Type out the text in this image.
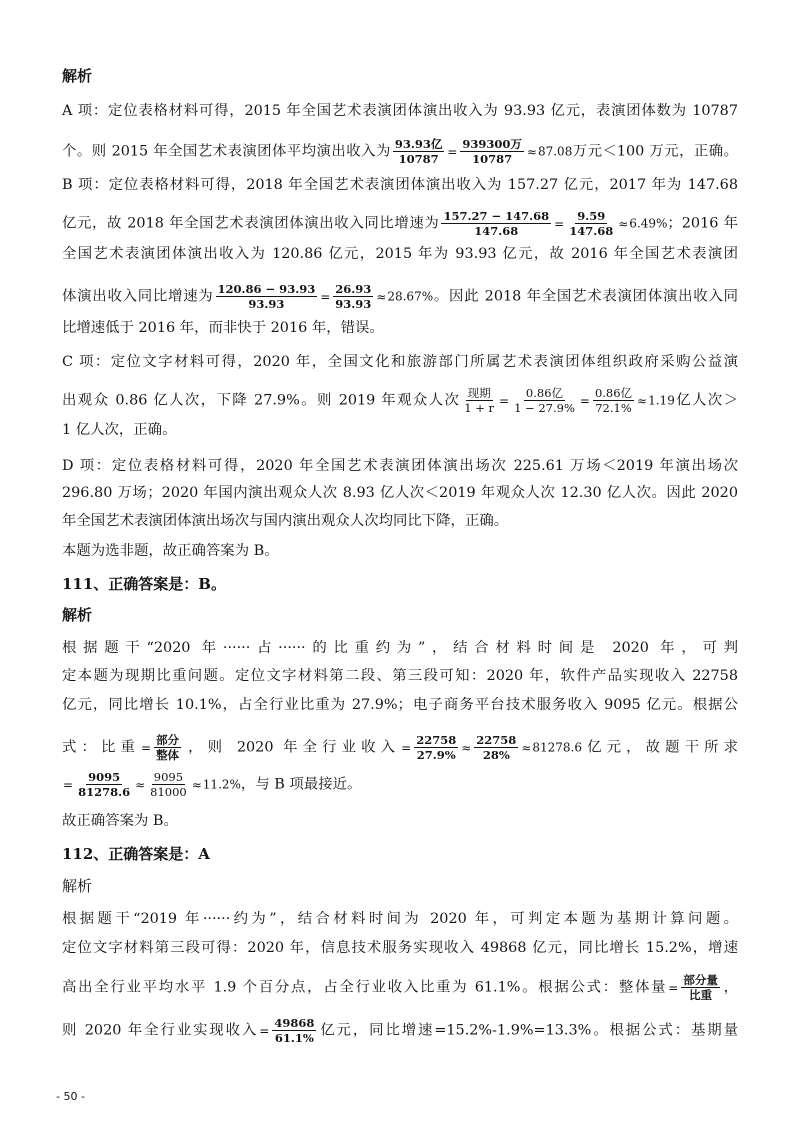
解析
A 项：定位表格材料可得，2015 年全国艺术表演团体演出收入为 93.93 亿元，表演团体数为 10787
个。则 2015 年全国艺术表演团体平均演出收入为 $\frac{\text{93.93亿}}{10787} = \frac{\text{939300万}}{10787} \approx 87.08$万元＜100 万元，正确。
B 项：定位表格材料可得，2018 年全国艺术表演团体演出收入为 157.27 亿元，2017 年为 147.68
亿元，故 2018 年全国艺术表演团体演出收入同比增速为 $\frac{157.27 - 147.68}{147.68} = \frac{9.59}{147.68} \approx 6.49\%$；2016 年
全国艺术表演团体演出收入为 120.86 亿元，2015 年为 93.93 亿元，故 2016 年全国艺术表演团
体演出收入同比增速为 $\frac{120.86 - 93.93}{93.93} = \frac{26.93}{93.93} \approx 28.67\%$。因此 2018 年全国艺术表演团体演出收入同
比增速低于 2016 年，而非快于 2016 年，错误。
C 项：定位文字材料可得，2020 年，全国文化和旅游部门所属艺术表演团体组织政府采购公益演
出观众 0.86 亿人次，下降 27.9%。则 2019 年观众人次 $\frac{\text{现期}}{1 + r} = \frac{\text{0.86亿}}{1 - 27.9\%} = \frac{\text{0.86亿}}{72.1\%} \approx 1.19$亿人次＞
1 亿人次，正确。
D 项：定位表格材料可得，2020 年全国艺术表演团体演出场次 225.61 万场＜2019 年演出场次
296.80 万场；2020 年国内演出观众人次 8.93 亿人次＜2019 年观众人次 12.30 亿人次。因此 2020
年全国艺术表演团体演出场次与国内演出观众人次均同比下降，正确。
本题为选非题，故正确答案为 B。
111、正确答案是：B。
解析
根据题干“2020 年······占······的比重约为”，结合材料时间是 2020 年，可判
定本题为现期比重问题。定位文字材料第二段、第三段可知：2020 年，软件产品实现收入 22758
亿元，同比增长 10.1%，占全行业比重为 27.9%；电子商务平台技术服务收入 9095 亿元。根据公
式：比重= $\frac{\text{部分}}{\text{整体}}$ ，则 2020 年全行业收入= $\frac{22758}{27.9\%} \approx \frac{22758}{28\%} \approx 81278.6$亿元，故题干所求
= $\frac{9095}{81278.6} \approx \frac{9095}{81000} \approx 11.2\%$，与 B 项最接近。
故正确答案为 B。
112、正确答案是：A
解析
根据题干“2019 年······约为”，结合材料时间为 2020 年，可判定本题为基期计算问题。
定位文字材料第三段可得：2020 年，信息技术服务实现收入 49868 亿元，同比增长 15.2%，增速
高出全行业平均水平 1.9 个百分点，占全行业收入比重为 61.1%。根据公式：整体量= $\frac{\text{部分量}}{\text{比重}}$ ，
则 2020 年全行业实现收入= $\frac{49868}{61.1\%}$ 亿元，同比增速=15.2%-1.9%=13.3%。根据公式：基期量
- 50 -
